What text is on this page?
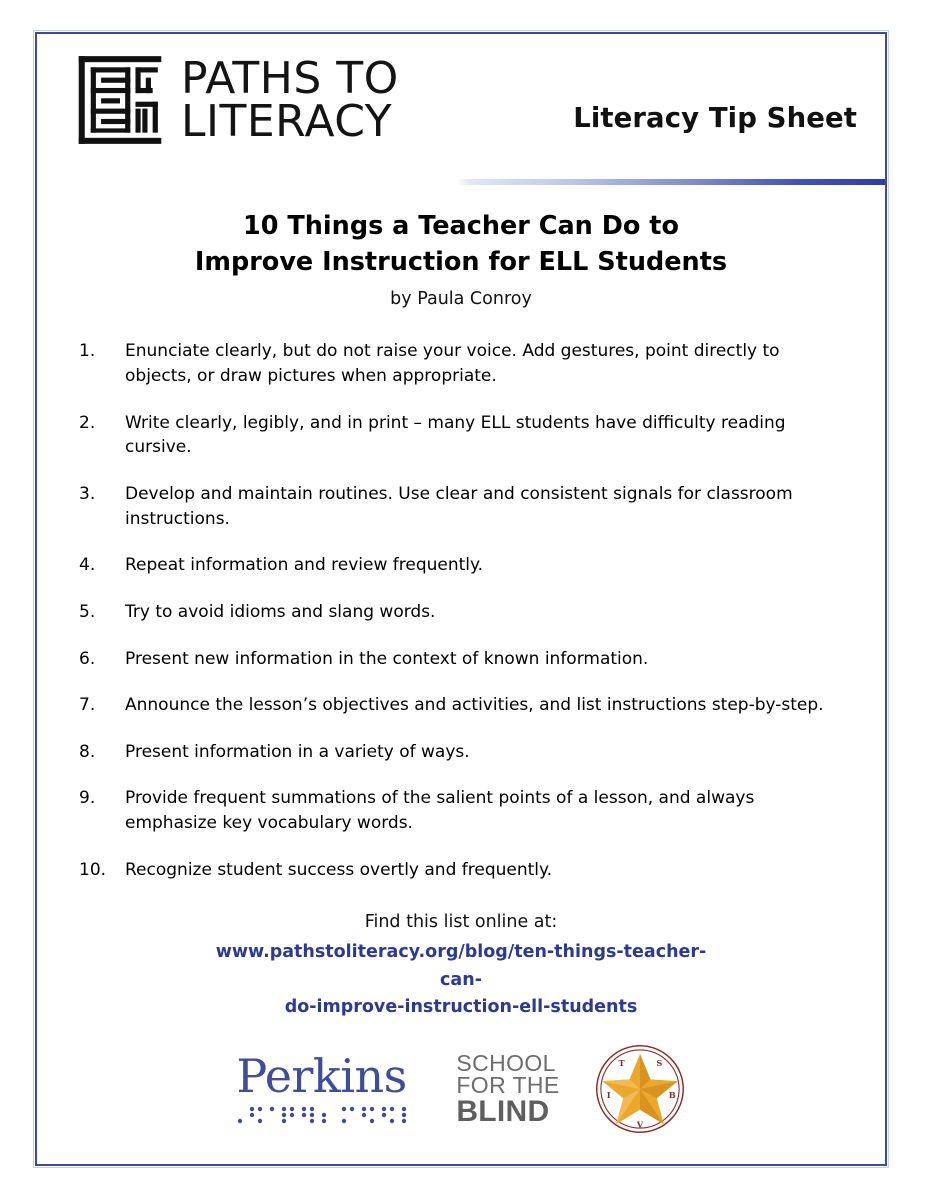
PATHS TO
LITERACY	Literacy Tip Sheet
10 Things a Teacher Can Do to
Improve Instruction for ELL Students
by Paula Conroy
1.	Enunciate clearly, but do not raise your voice. Add gestures, point directly to objects, or draw pictures when appropriate.
2.	Write clearly, legibly, and in print – many ELL students have difficulty reading cursive.
3.	Develop and maintain routines. Use clear and consistent signals for classroom instructions.
4.	Repeat information and review frequently.
5.	Try to avoid idioms and slang words.
6.	Present new information in the context of known information.
7.	Announce the lesson’s objectives and activities, and list instructions step-by-step.
8.	Present information in a variety of ways.
9.	Provide frequent summations of the salient points of a lesson, and always emphasize key vocabulary words.
10.	Recognize student success overtly and frequently.
Find this list online at:
www.pathstoliteracy.org/blog/ten-things-teacher-can-
do-improve-instruction-ell-students
Perkins SCHOOL
FOR THE
BLIND
T	S
I	B
V
